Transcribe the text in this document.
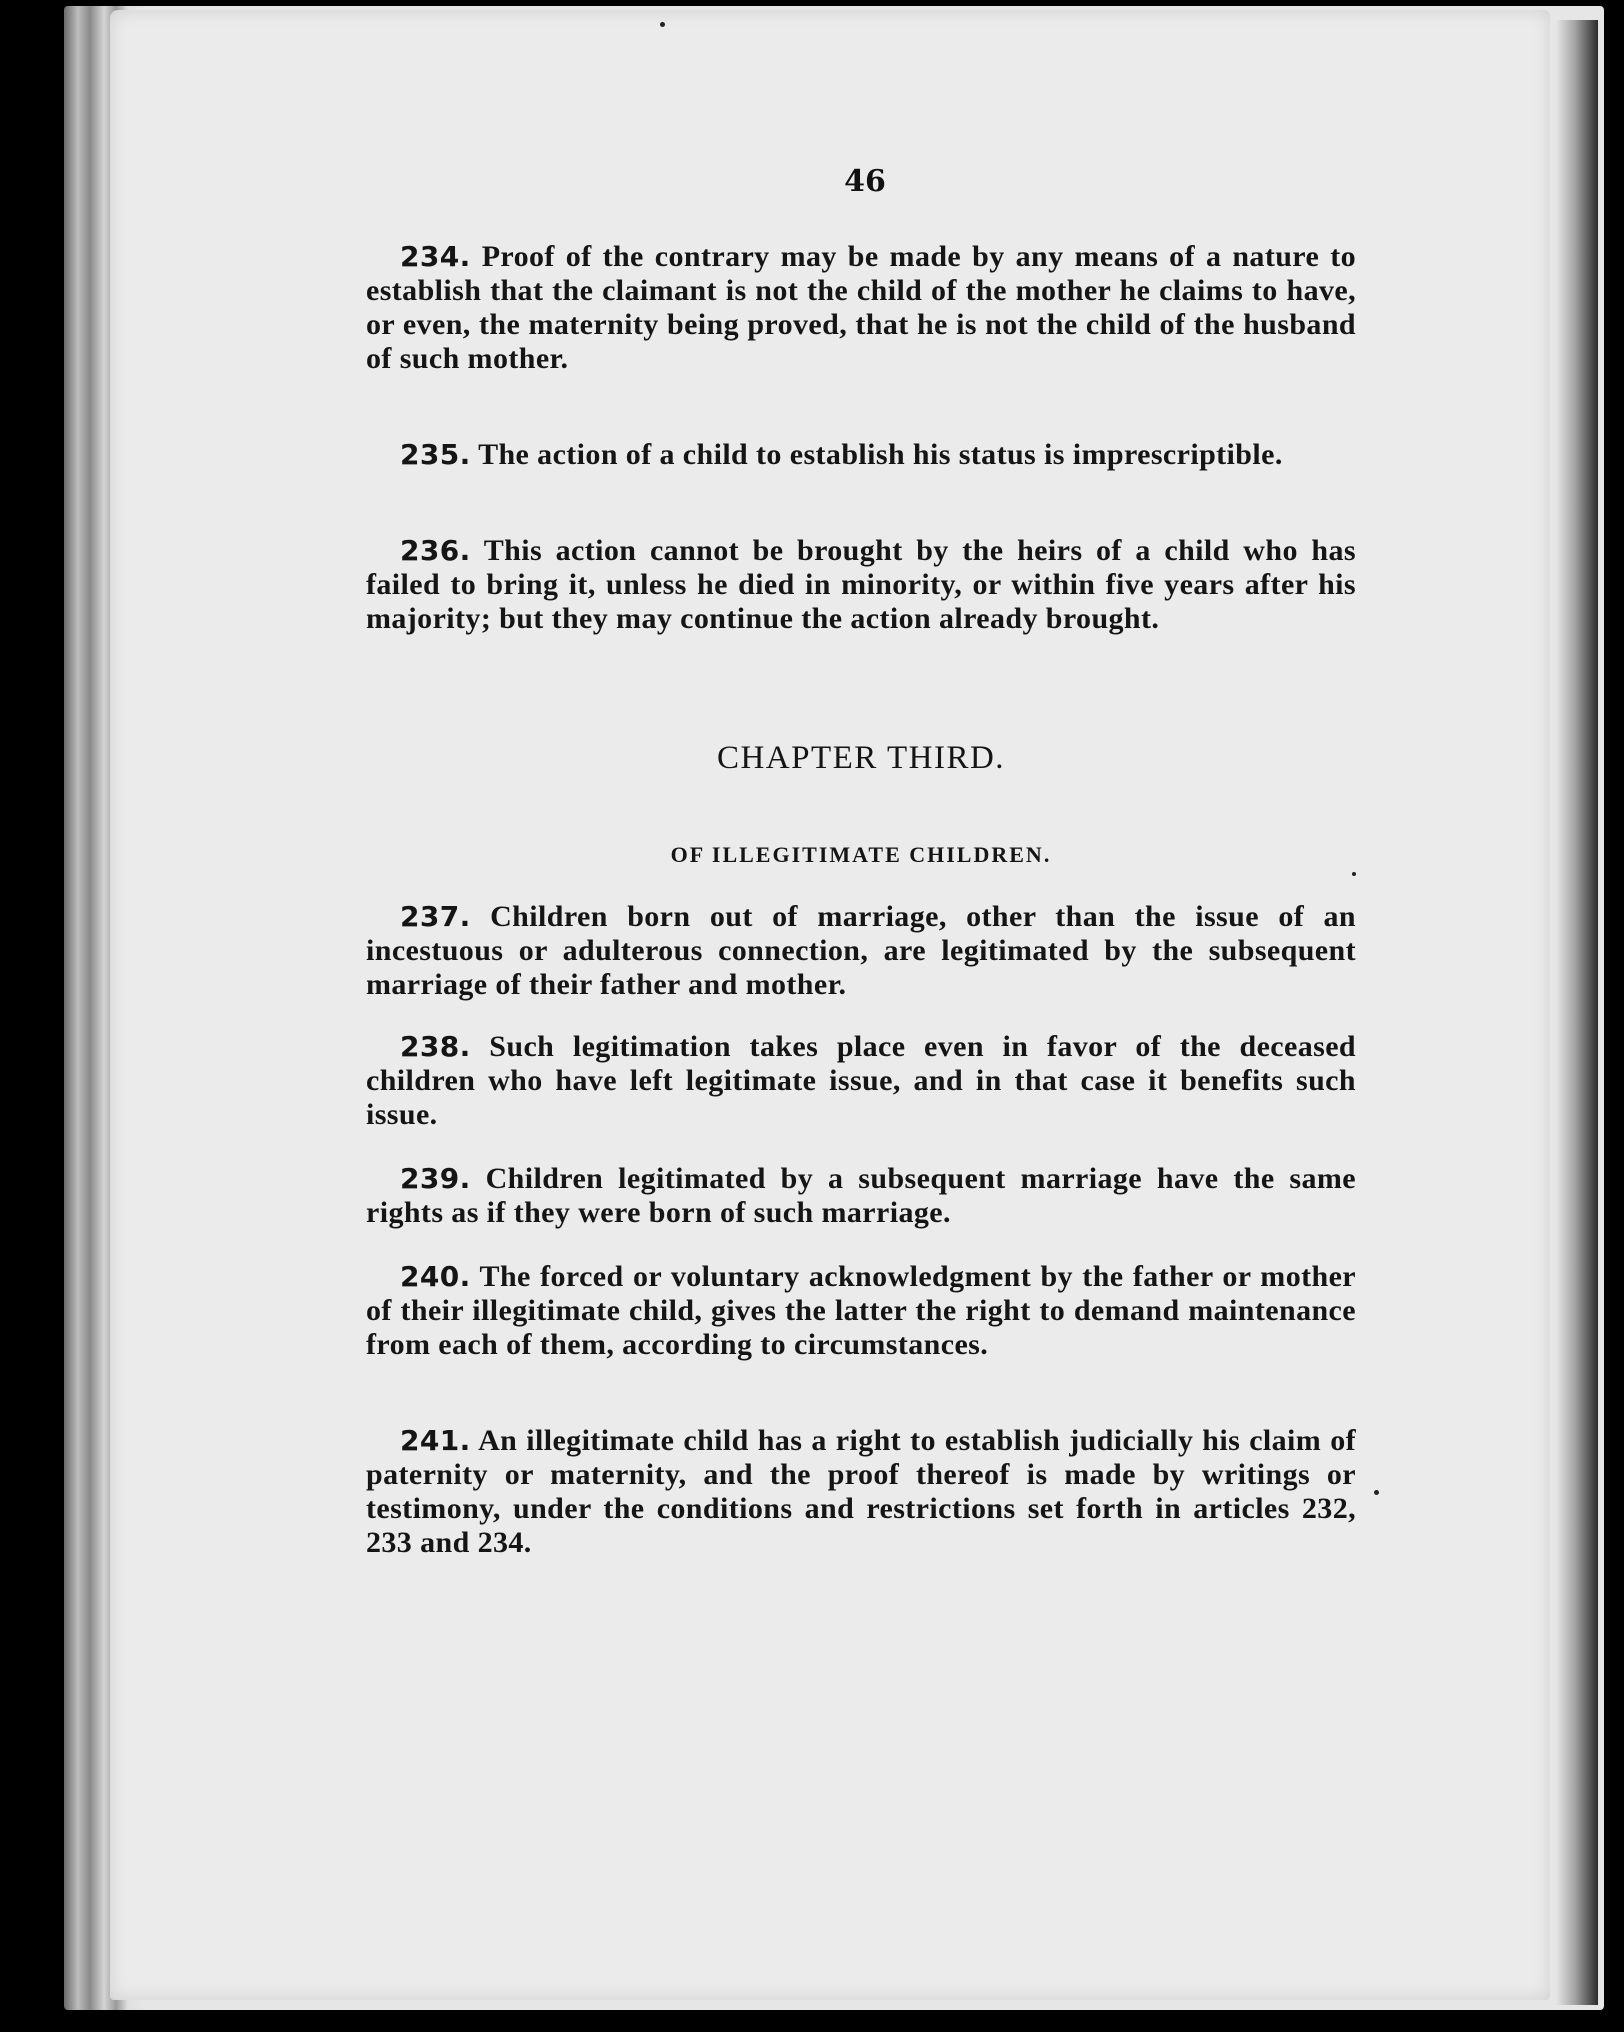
46

234. Proof of the contrary may be made by any means of a nature to establish that the claimant is not the child of the mother he claims to have, or even, the maternity being proved, that he is not the child of the husband of such mother.

235. The action of a child to establish his status is imprescriptible.

236. This action cannot be brought by the heirs of a child who has failed to bring it, unless he died in minority, or within five years after his majority; but they may continue the action already brought.

CHAPTER THIRD.
OF ILLEGITIMATE CHILDREN.

237. Children born out of marriage, other than the issue of an incestuous or adulterous connection, are legitimated by the subsequent marriage of their father and mother.

238. Such legitimation takes place even in favor of the deceased children who have left legitimate issue, and in that case it benefits such issue.

239. Children legitimated by a subsequent marriage have the same rights as if they were born of such marriage.

240. The forced or voluntary acknowledgment by the father or mother of their illegitimate child, gives the latter the right to demand maintenance from each of them, according to circumstances.

241. An illegitimate child has a right to establish judicially his claim of paternity or maternity, and the proof thereof is made by writings or testimony, under the conditions and restrictions set forth in articles 232, 233 and 234.
